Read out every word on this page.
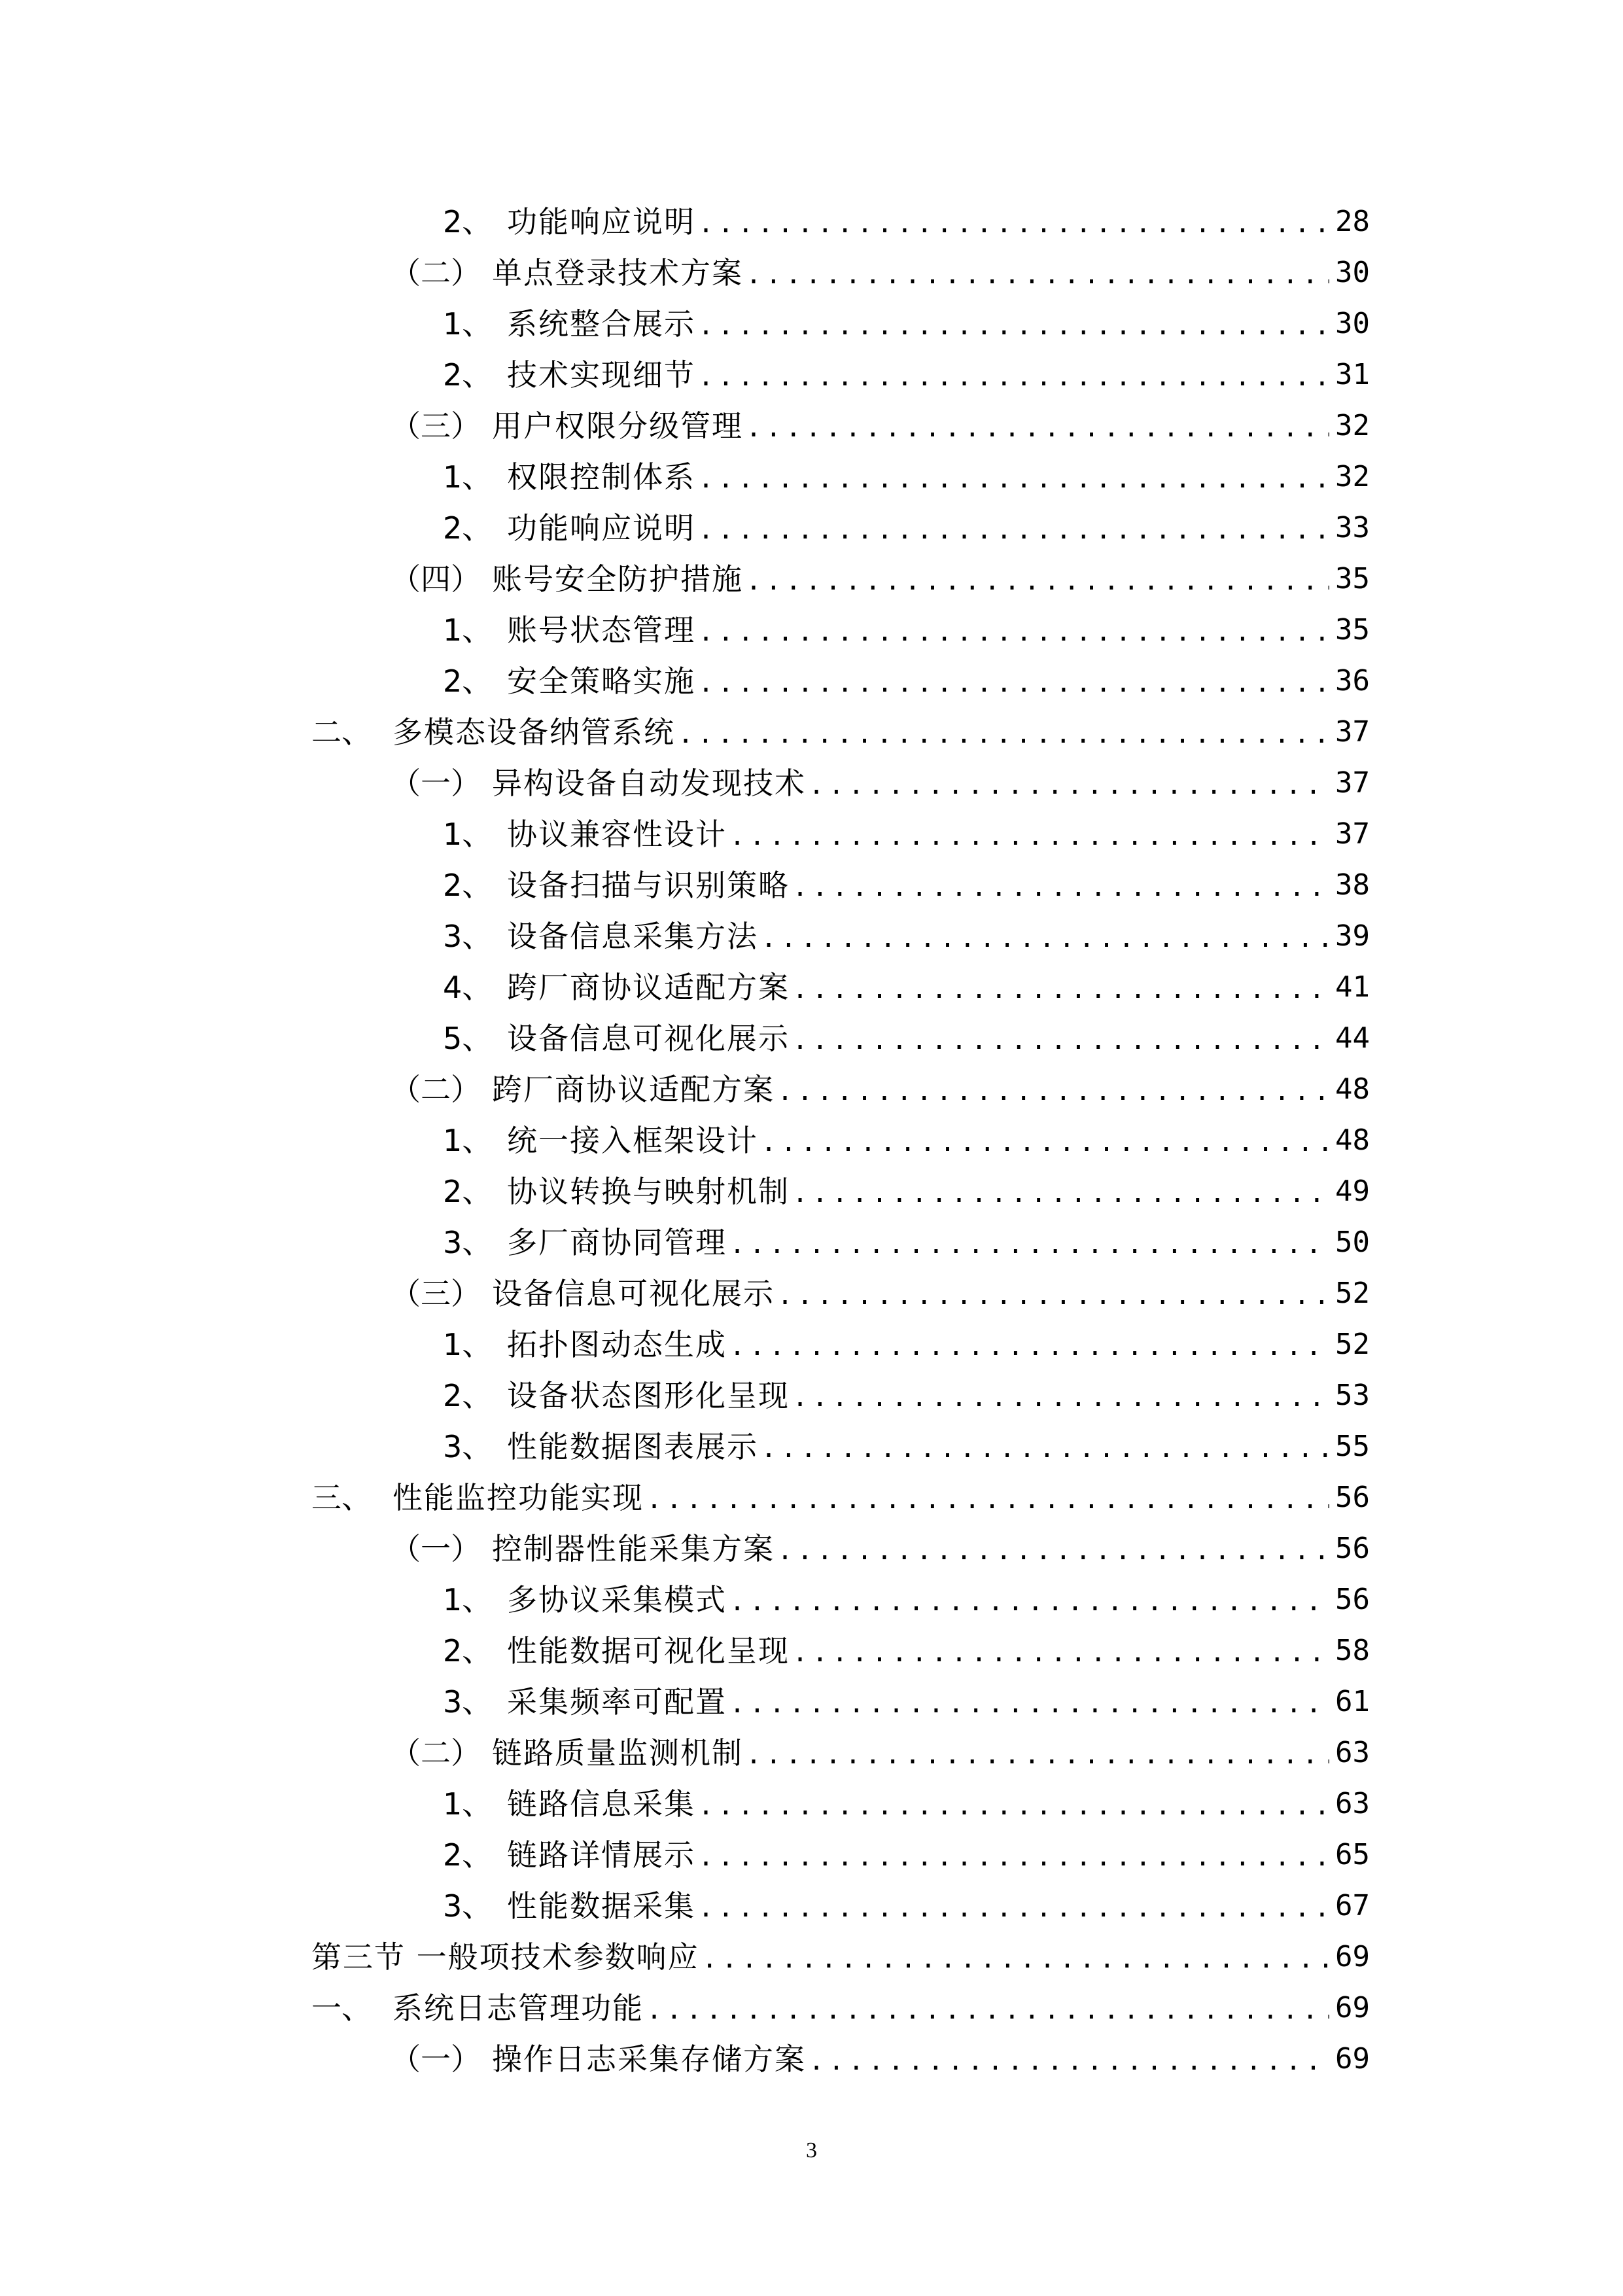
2、 功能响应说明 .....	28
（二） 单点登录技术方案 .....	30
1、 系统整合展示 .....	30
2、 技术实现细节 .....	31
（三） 用户权限分级管理 .....	32
1、 权限控制体系 .....	32
2、 功能响应说明 .....	33
（四） 账号安全防护措施 .....	35
1、 账号状态管理 .....	35
2、 安全策略实施 .....	36
二、 多模态设备纳管系统 .....	37
（一） 异构设备自动发现技术 .....	37
1、 协议兼容性设计 .....	37
2、 设备扫描与识别策略 .....	38
3、 设备信息采集方法 .....	39
4、 跨厂商协议适配方案 .....	41
5、 设备信息可视化展示 .....	44
（二） 跨厂商协议适配方案 .....	48
1、 统一接入框架设计 .....	48
2、 协议转换与映射机制 .....	49
3、 多厂商协同管理 .....	50
（三） 设备信息可视化展示 .....	52
1、 拓扑图动态生成 .....	52
2、 设备状态图形化呈现 .....	53
3、 性能数据图表展示 .....	55
三、 性能监控功能实现 .....	56
（一） 控制器性能采集方案 .....	56
1、 多协议采集模式 .....	56
2、 性能数据可视化呈现 .....	58
3、 采集频率可配置 .....	61
（二） 链路质量监测机制 .....	63
1、 链路信息采集 .....	63
2、 链路详情展示 .....	65
3、 性能数据采集 .....	67
第三节 一般项技术参数响应 .....	69
一、 系统日志管理功能 .....	69
（一） 操作日志采集存储方案 .....	69
3
